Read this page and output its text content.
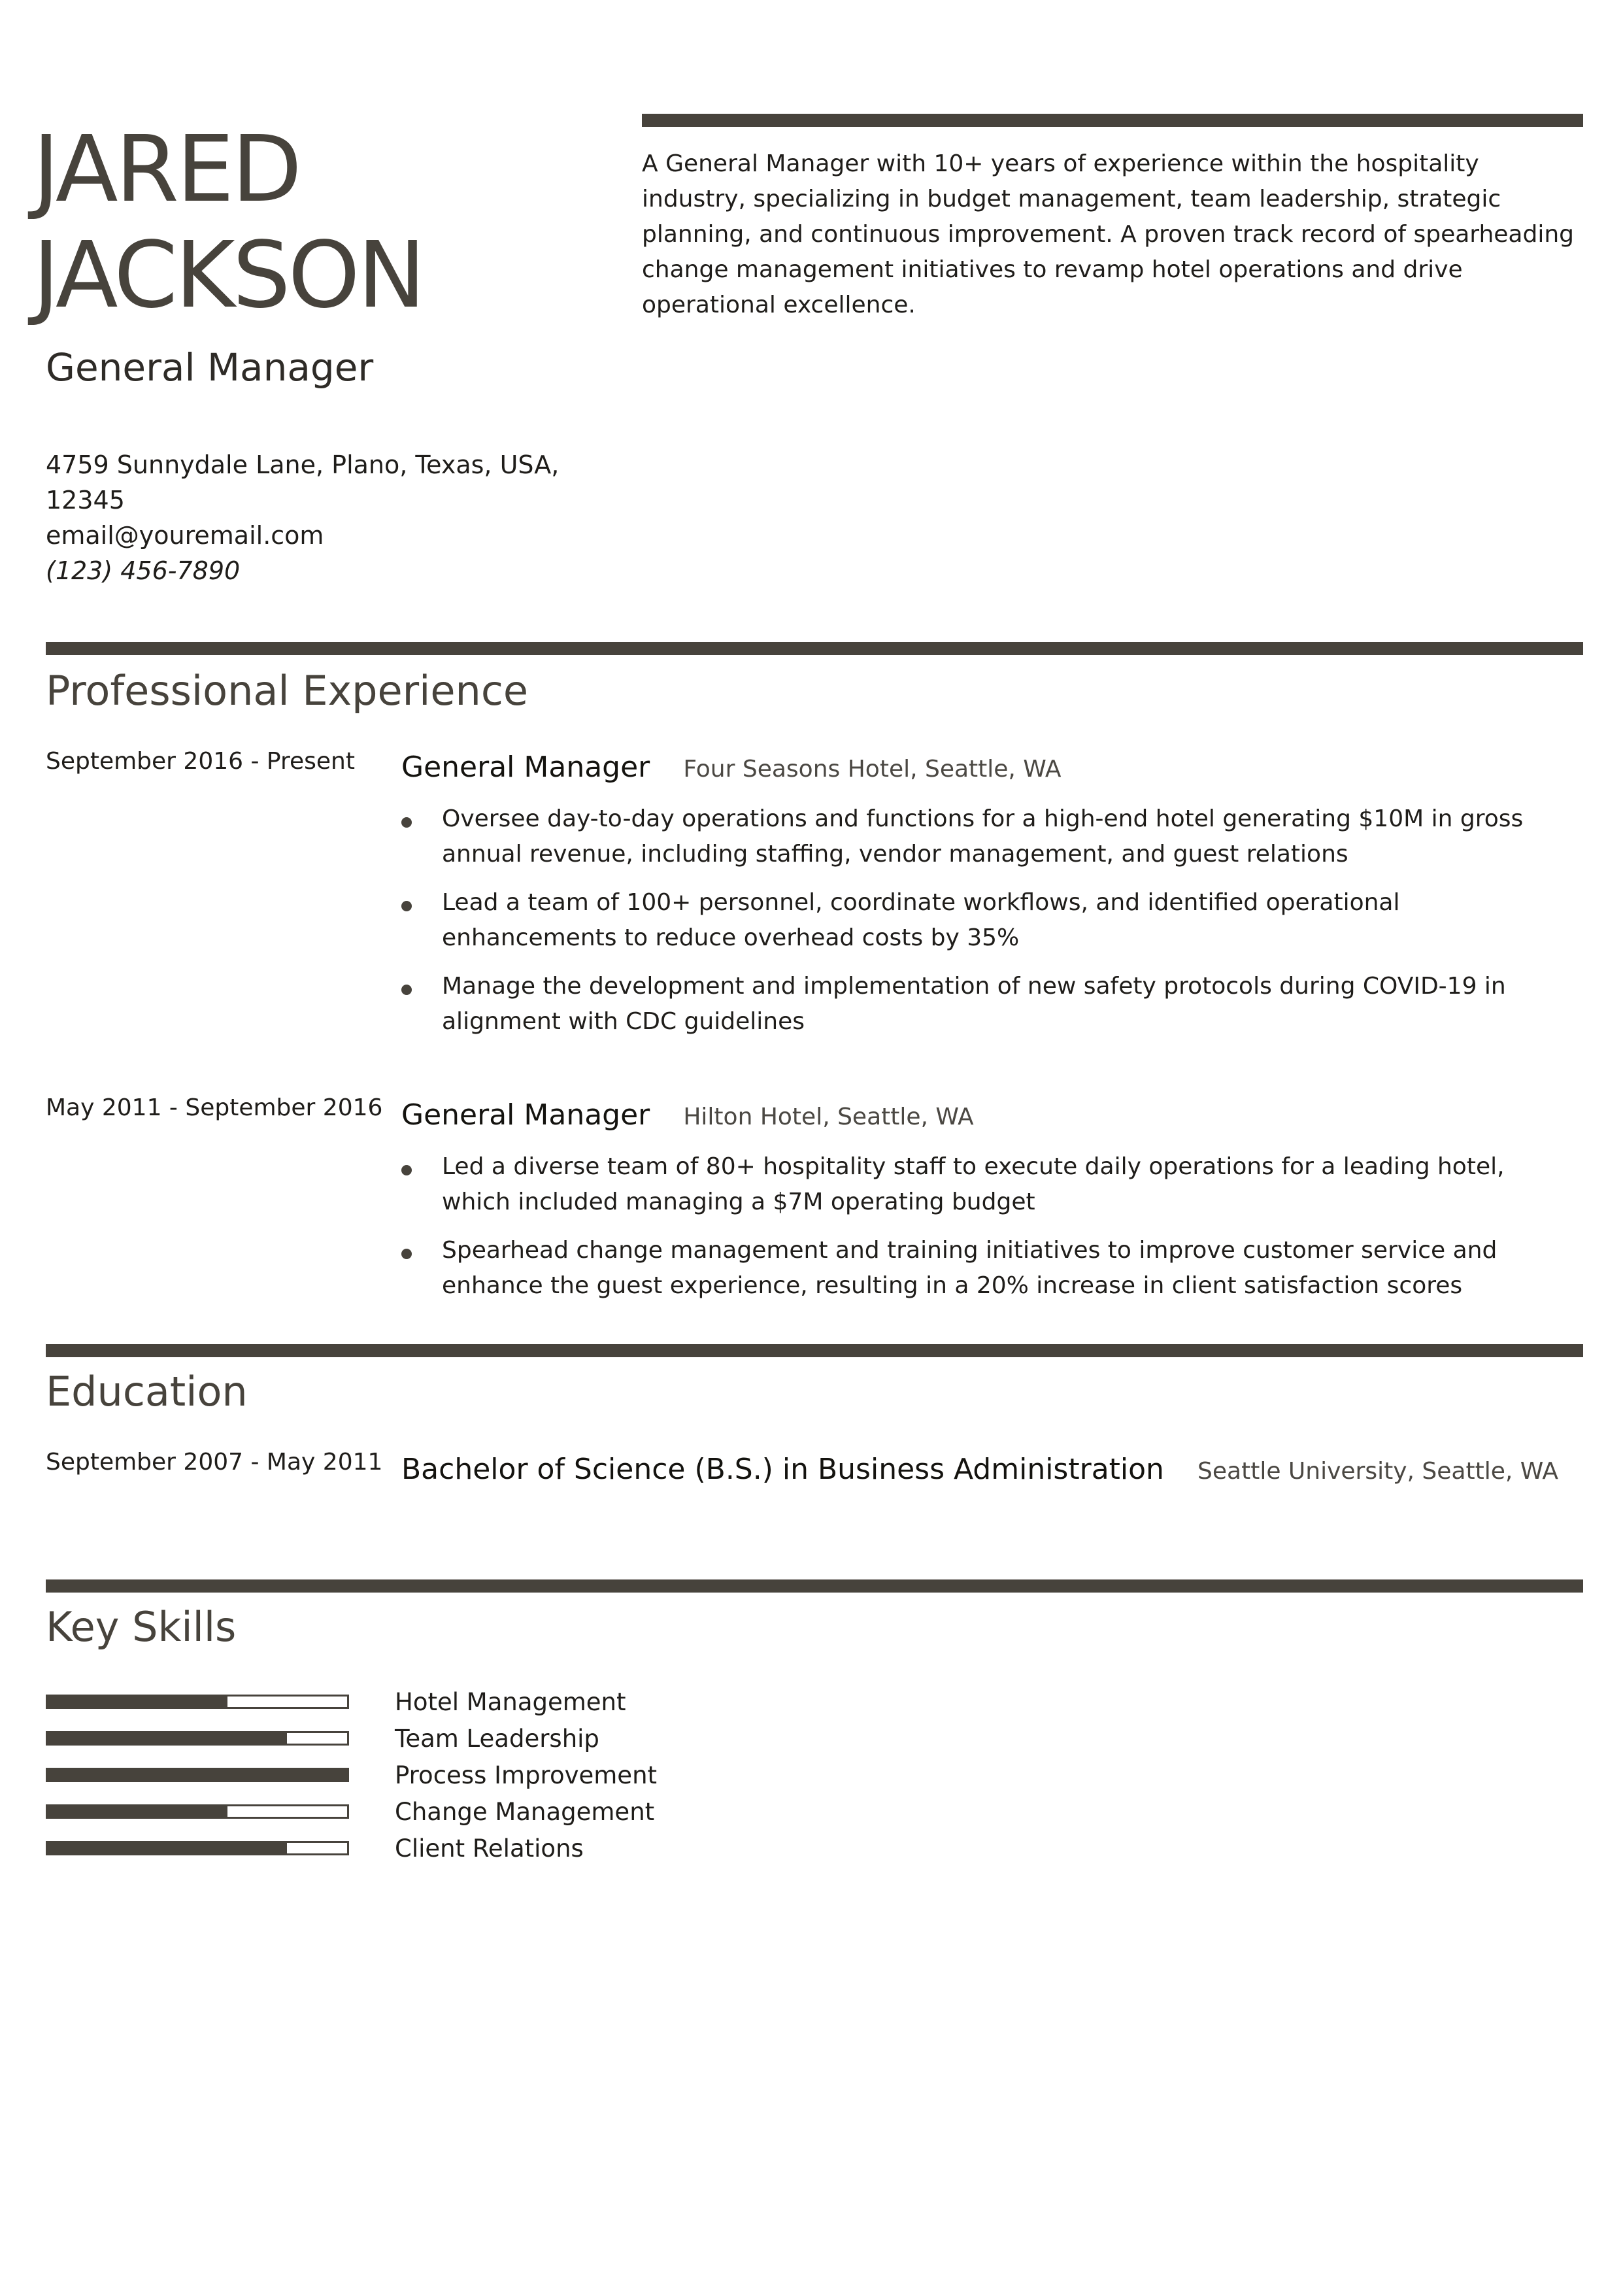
JARED
JACKSON
General Manager
4759 Sunnydale Lane, Plano, Texas, USA,
12345
email@youremail.com
(123) 456-7890
A General Manager with 10+ years of experience within the hospitality industry, specializing in budget management, team leadership, strategic planning, and continuous improvement. A proven track record of spearheading change management initiatives to revamp hotel operations and drive operational excellence.
Professional Experience
September 2016 - Present General Manager Four Seasons Hotel, Seattle, WA
Oversee day-to-day operations and functions for a high-end hotel generating $10M in gross annual revenue, including staffing, vendor management, and guest relations
Lead a team of 100+ personnel, coordinate workflows, and identified operational enhancements to reduce overhead costs by 35%
Manage the development and implementation of new safety protocols during COVID-19 in alignment with CDC guidelines
May 2011 - September 2016 General Manager Hilton Hotel, Seattle, WA
Led a diverse team of 80+ hospitality staff to execute daily operations for a leading hotel, which included managing a $7M operating budget
Spearhead change management and training initiatives to improve customer service and enhance the guest experience, resulting in a 20% increase in client satisfaction scores
Education
September 2007 - May 2011 Bachelor of Science (B.S.) in Business Administration Seattle University, Seattle, WA
Key Skills
Hotel Management
Team Leadership
Process Improvement
Change Management
Client Relations
